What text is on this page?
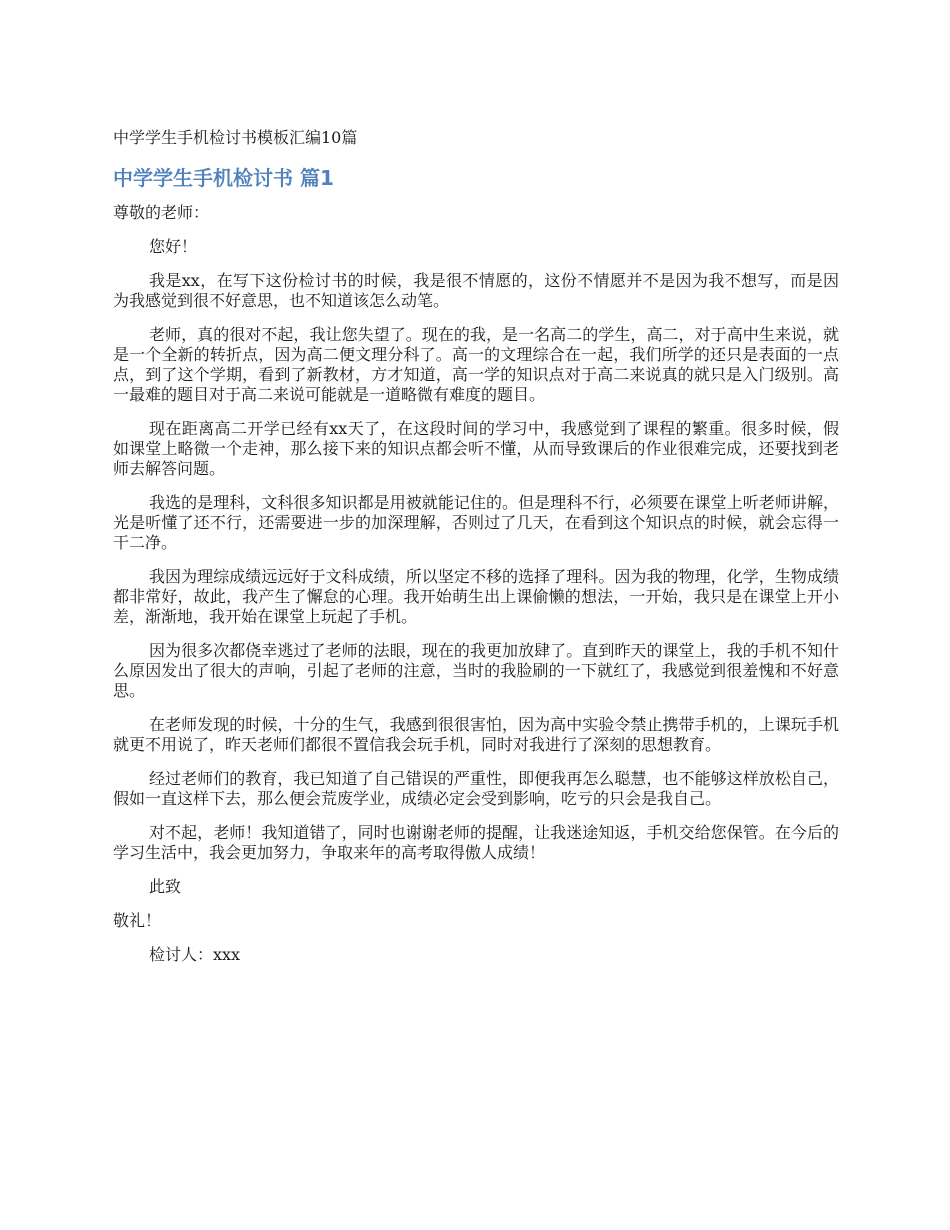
中学学生手机检讨书模板汇编10篇
中学学生手机检讨书 篇1

尊敬的老师：

您好！

我是xx，在写下这份检讨书的时候，我是很不情愿的，这份不情愿并不是因为我不想写，而是因为我感觉到很不好意思，也不知道该怎么动笔。

老师，真的很对不起，我让您失望了。现在的我，是一名高二的学生，高二，对于高中生来说，就是一个全新的转折点，因为高二便文理分科了。高一的文理综合在一起，我们所学的还只是表面的一点点，到了这个学期，看到了新教材，方才知道，高一学的知识点对于高二来说真的就只是入门级别。高一最难的题目对于高二来说可能就是一道略微有难度的题目。

现在距离高二开学已经有xx天了，在这段时间的学习中，我感觉到了课程的繁重。很多时候，假如课堂上略微一个走神，那么接下来的知识点都会听不懂，从而导致课后的作业很难完成，还要找到老师去解答问题。

我选的是理科，文科很多知识都是用被就能记住的。但是理科不行，必须要在课堂上听老师讲解，光是听懂了还不行，还需要进一步的加深理解，否则过了几天，在看到这个知识点的时候，就会忘得一干二净。

我因为理综成绩远远好于文科成绩，所以坚定不移的选择了理科。因为我的物理，化学，生物成绩都非常好，故此，我产生了懈怠的心理。我开始萌生出上课偷懒的想法，一开始，我只是在课堂上开小差，渐渐地，我开始在课堂上玩起了手机。

因为很多次都侥幸逃过了老师的法眼，现在的我更加放肆了。直到昨天的课堂上，我的手机不知什么原因发出了很大的声响，引起了老师的注意，当时的我脸刷的一下就红了，我感觉到很羞愧和不好意思。

在老师发现的时候，十分的生气，我感到很很害怕，因为高中实验令禁止携带手机的，上课玩手机就更不用说了，昨天老师们都很不置信我会玩手机，同时对我进行了深刻的思想教育。

经过老师们的教育，我已知道了自己错误的严重性，即便我再怎么聪慧，也不能够这样放松自己，假如一直这样下去，那么便会荒废学业，成绩必定会受到影响，吃亏的只会是我自己。

对不起，老师！我知道错了，同时也谢谢老师的提醒，让我迷途知返，手机交给您保管。在今后的学习生活中，我会更加努力，争取来年的高考取得傲人成绩！

此致

敬礼！

检讨人：xxx
